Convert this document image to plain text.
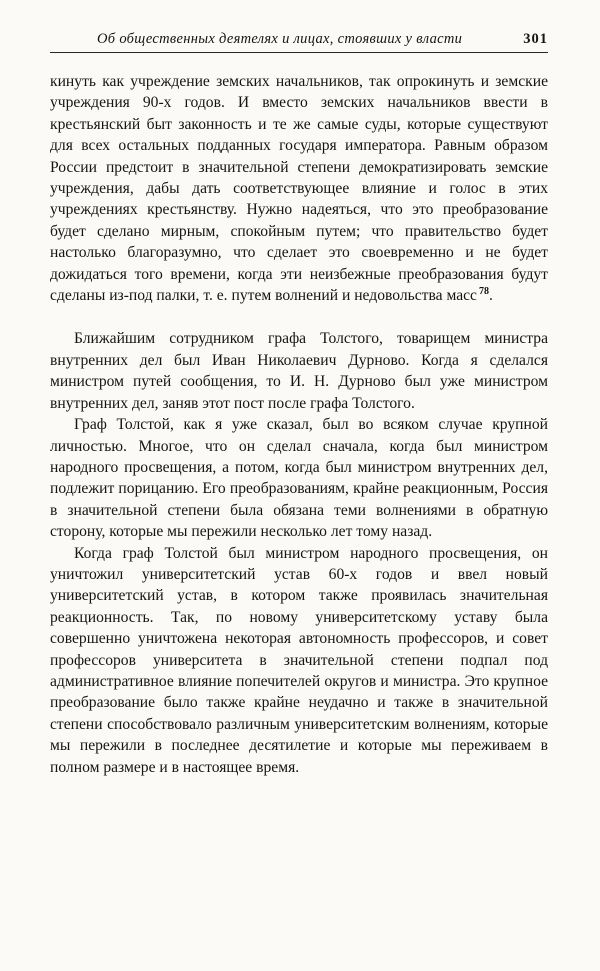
Об общественных деятелях и лицах, стоявших у власти	301

кинуть как учреждение земских начальников, так опрокинуть и земские учреждения 90-х годов. И вместо земских начальников ввести в крестьянский быт законность и те же самые суды, которые существуют для всех остальных подданных государя императора. Равным образом России предстоит в значительной степени демократизировать земские учреждения, дабы дать соответствующее влияние и голос в этих учреждениях крестьянству. Нужно надеяться, что это преобразование будет сделано мирным, спокойным путем; что правительство будет настолько благоразумно, что сделает это своевременно и не будет дожидаться того времени, когда эти неизбежные преобразования будут сделаны из-под палки, т. е. путем волнений и недовольства масс $^{78}$.

Ближайшим сотрудником графа Толстого, товарищем министра внутренних дел был Иван Николаевич Дурново. Когда я сделался министром путей сообщения, то И. Н. Дурново был уже министром внутренних дел, заняв этот пост после графа Толстого.

Граф Толстой, как я уже сказал, был во всяком случае крупной личностью. Многое, что он сделал сначала, когда был министром народного просвещения, а потом, когда был министром внутренних дел, подлежит порицанию. Его преобразованиям, крайне реакционным, Россия в значительной степени была обязана теми волнениями в обратную сторону, которые мы пережили несколько лет тому назад.

Когда граф Толстой был министром народного просвещения, он уничтожил университетский устав 60-х годов и ввел новый университетский устав, в котором также проявилась значительная реакционность. Так, по новому университетскому уставу была совершенно уничтожена некоторая автономность профессоров, и совет профессоров университета в значительной степени подпал под административное влияние попечителей округов и министра. Это крупное преобразование было также крайне неудачно и также в значительной степени способствовало различным университетским волнениям, которые мы пережили в последнее десятилетие и которые мы переживаем в полном размере и в настоящее время.
